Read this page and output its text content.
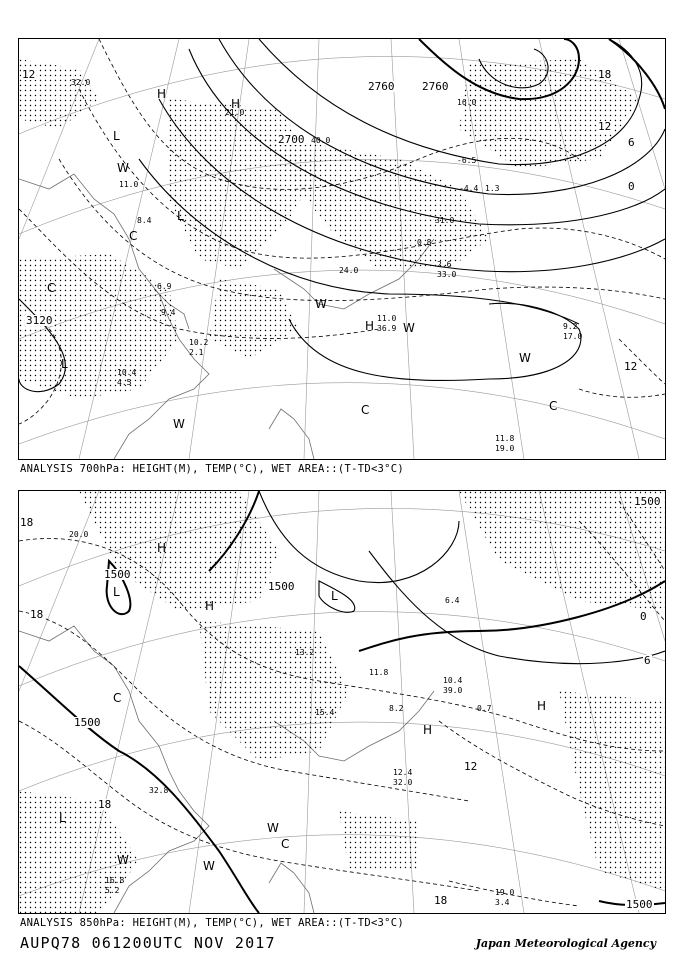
12	18
12
6
0
12
2760
2700
2760
3120
H
L
L
L
H
W
W
C
C
C
W
C
W
W
H
32.0
21.0
40.0
24.0
11.0
8.4
6.9
9.4
10.2
2.1
10.4
4.5
11.0
36.9
11.8
19.0
9.2
17.0
2.6
33.0
-6.5
16.0
-4.4 1.3
0.8
31.0
ANALYSIS 700hPa: HEIGHT(M), TEMP(°C), WET AREA::(T-TD<3°C)
1500
1500
1500
1500
1500
18
18
18
12
0
6
18
H
L
H
L
C
H
H
W
L
W	W
C
20.0
32.8
10.4
39.0
12.4
32.0
19.0
3.4
16.8
5.2
15.4
13.2
11.8
8.2
6.4
0.7
ANALYSIS 850hPa: HEIGHT(M), TEMP(°C), WET AREA::(T-TD<3°C)
AUPQ78 061200UTC NOV 2017	Japan Meteorological Agency
